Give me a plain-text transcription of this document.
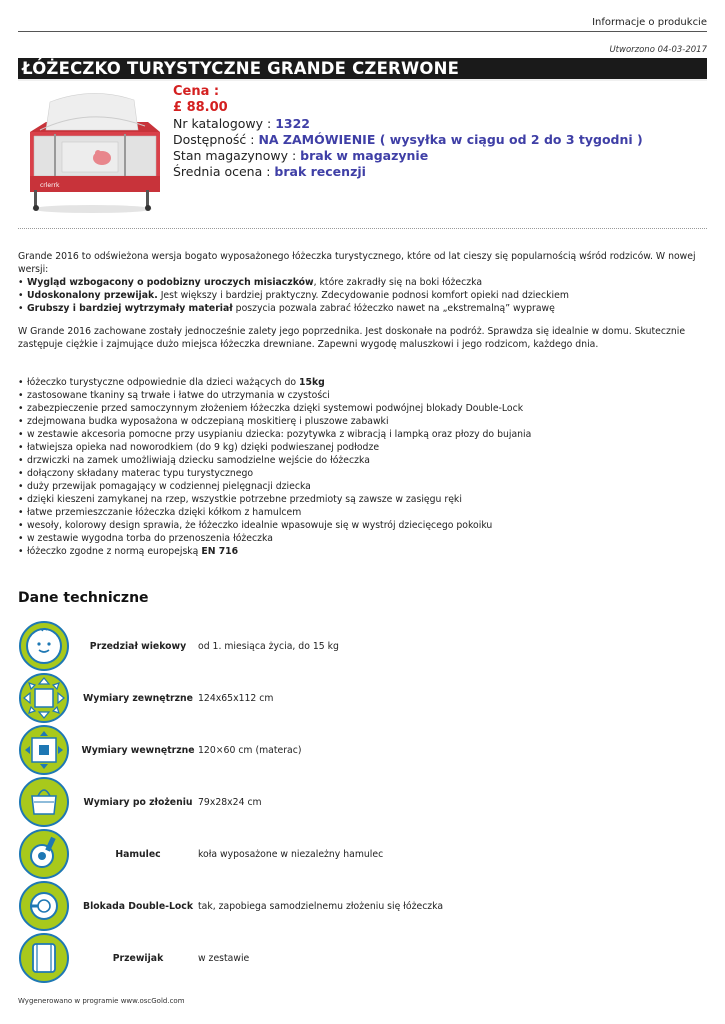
Informacje o produkcie
Utworzono 04-03-2017
ŁÓŻECZKO TURYSTYCZNE GRANDE CZERWONE
crlerrk
Cena :
£ 88.00
Nr katalogowy : 1322
Dostępność : NA ZAMÓWIENIE ( wysyłka w ciągu od 2 do 3 tygodni )
Stan magazynowy : brak w magazynie
Średnia ocena : brak recenzji
Grande 2016 to odświeżona wersja bogato wyposażonego łóżeczka turystycznego, które od lat cieszy się popularnością wśród rodziców. W nowej wersji:
• Wygląd wzbogacony o podobizny uroczych misiaczków, które zakradły się na boki łóżeczka
• Udoskonalony przewijak. Jest większy i bardziej praktyczny. Zdecydowanie podnosi komfort opieki nad dzieckiem
• Grubszy i bardziej wytrzymały materiał poszycia pozwala zabrać łóżeczko nawet na „ekstremalną” wyprawę
W Grande 2016 zachowane zostały jednocześnie zalety jego poprzednika. Jest doskonałe na podróż. Sprawdza się idealnie w domu. Skutecznie zastępuje ciężkie i zajmujące dużo miejsca łóżeczka drewniane. Zapewni wygodę maluszkowi i jego rodzicom, każdego dnia.
• łóżeczko turystyczne odpowiednie dla dzieci ważących do 15kg
• zastosowane tkaniny są trwałe i łatwe do utrzymania w czystości
• zabezpieczenie przed samoczynnym złożeniem łóżeczka dzięki systemowi podwójnej blokady Double-Lock
• zdejmowana budka wyposażona w odczepianą moskitierę i pluszowe zabawki
• w zestawie akcesoria pomocne przy usypianiu dziecka: pozytywka z wibracją i lampką oraz płozy do bujania
• łatwiejsza opieka nad noworodkiem (do 9 kg) dzięki podwieszanej podłodze
• drzwiczki na zamek umożliwiają dziecku samodzielne wejście do łóżeczka
• dołączony składany materac typu turystycznego
• duży przewijak pomagający w codziennej pielęgnacji dziecka
• dzięki kieszeni zamykanej na rzep, wszystkie potrzebne przedmioty są zawsze w zasięgu ręki
• łatwe przemieszczanie łóżeczka dzięki kółkom z hamulcem
• wesoły, kolorowy design sprawia, że łóżeczko idealnie wpasowuje się w wystrój dziecięcego pokoiku
• w zestawie wygodna torba do przenoszenia łóżeczka
• łóżeczko zgodne z normą europejską EN 716
Dane techniczne
Przedział wiekowy	od 1. miesiąca życia, do 15 kg
Wymiary zewnętrzne 124x65x112 cm
Wymiary wewnętrzne 120×60 cm (materac)
Wymiary po złożeniu 79x28x24 cm
Hamulec	koła wyposażone w niezależny hamulec
Blokada Double-Lock tak, zapobiega samodzielnemu złożeniu się łóżeczka
Przewijak	w zestawie
Wygenerowano w programie www.oscGold.com
